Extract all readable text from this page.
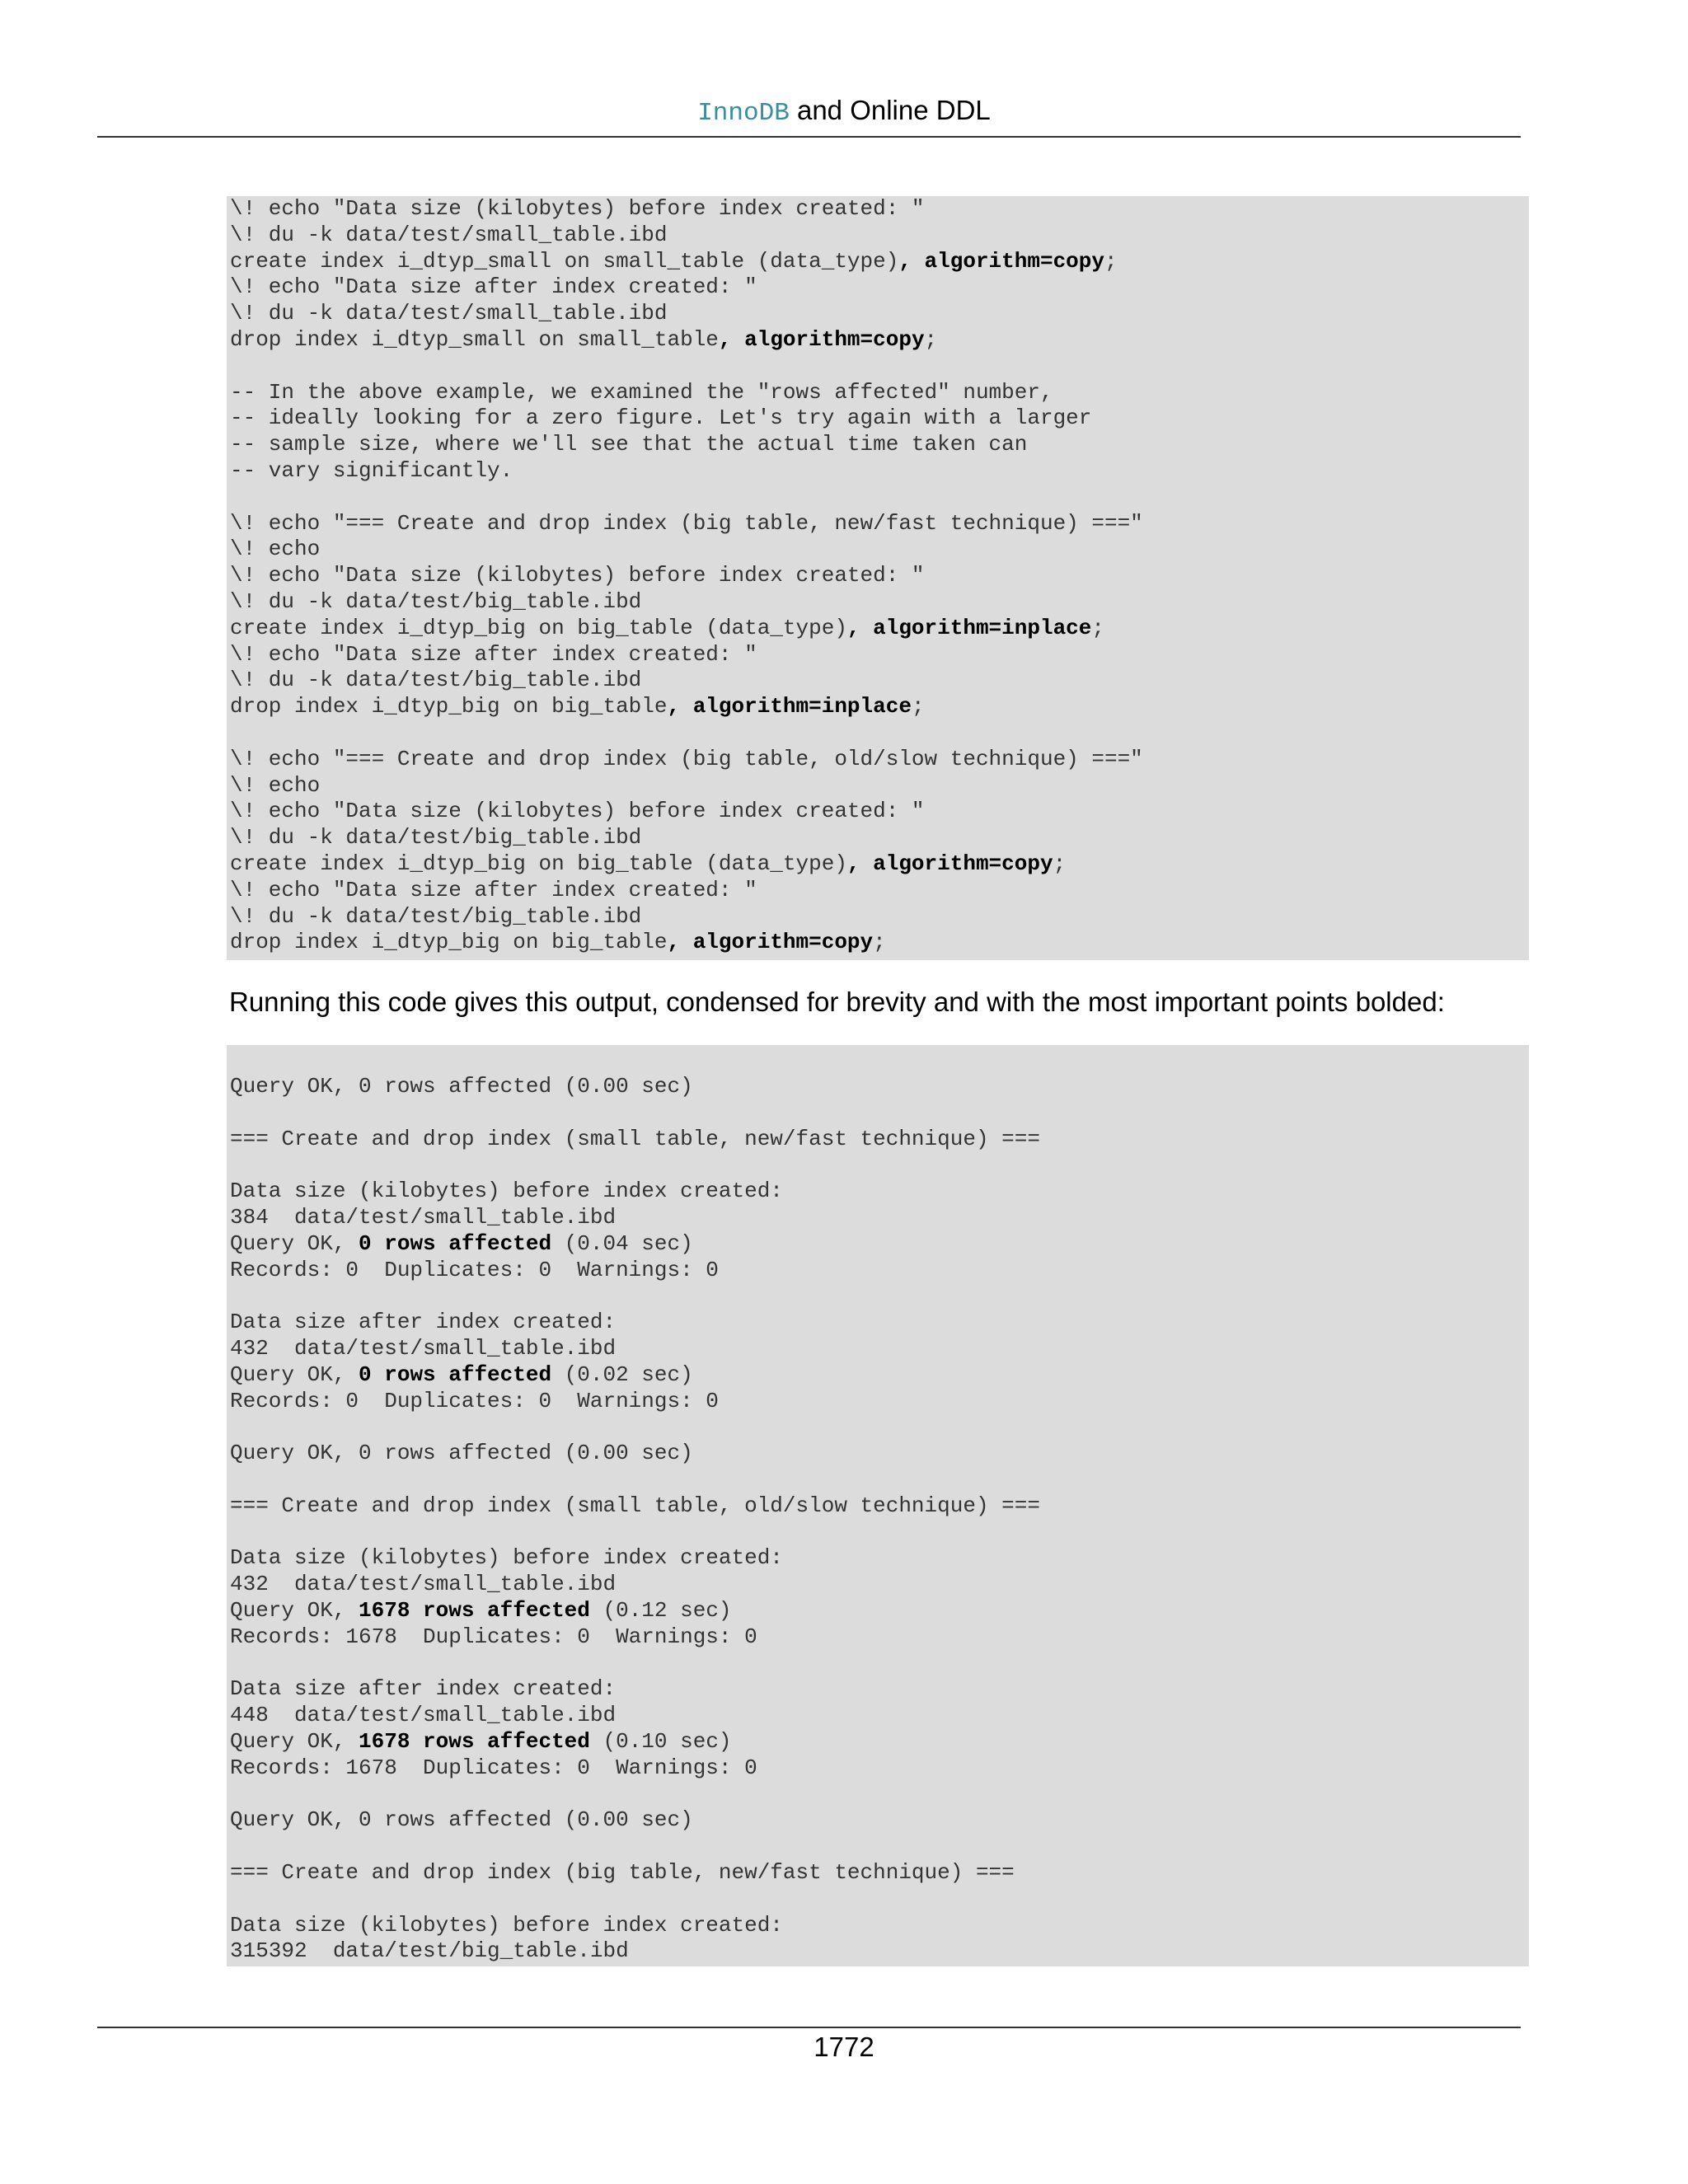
InnoDB and Online DDL
\! echo "Data size (kilobytes) before index created: "
\! du -k data/test/small_table.ibd
create index i_dtyp_small on small_table (data_type), algorithm=copy;
\! echo "Data size after index created: "
\! du -k data/test/small_table.ibd
drop index i_dtyp_small on small_table, algorithm=copy;
-- In the above example, we examined the "rows affected" number,
-- ideally looking for a zero figure. Let's try again with a larger
-- sample size, where we'll see that the actual time taken can
-- vary significantly.
\! echo "=== Create and drop index (big table, new/fast technique) ==="
\! echo
\! echo "Data size (kilobytes) before index created: "
\! du -k data/test/big_table.ibd
create index i_dtyp_big on big_table (data_type), algorithm=inplace;
\! echo "Data size after index created: "
\! du -k data/test/big_table.ibd
drop index i_dtyp_big on big_table, algorithm=inplace;
\! echo "=== Create and drop index (big table, old/slow technique) ==="
\! echo
\! echo "Data size (kilobytes) before index created: "
\! du -k data/test/big_table.ibd
create index i_dtyp_big on big_table (data_type), algorithm=copy;
\! echo "Data size after index created: "
\! du -k data/test/big_table.ibd
drop index i_dtyp_big on big_table, algorithm=copy;
Running this code gives this output, condensed for brevity and with the most important points bolded:
Query OK, 0 rows affected (0.00 sec)
=== Create and drop index (small table, new/fast technique) ===
Data size (kilobytes) before index created:
384  data/test/small_table.ibd
Query OK, 0 rows affected (0.04 sec)
Records: 0  Duplicates: 0  Warnings: 0
Data size after index created:
432  data/test/small_table.ibd
Query OK, 0 rows affected (0.02 sec)
Records: 0  Duplicates: 0  Warnings: 0
Query OK, 0 rows affected (0.00 sec)
=== Create and drop index (small table, old/slow technique) ===
Data size (kilobytes) before index created:
432  data/test/small_table.ibd
Query OK, 1678 rows affected (0.12 sec)
Records: 1678  Duplicates: 0  Warnings: 0
Data size after index created:
448  data/test/small_table.ibd
Query OK, 1678 rows affected (0.10 sec)
Records: 1678  Duplicates: 0  Warnings: 0
Query OK, 0 rows affected (0.00 sec)
=== Create and drop index (big table, new/fast technique) ===
Data size (kilobytes) before index created:
315392  data/test/big_table.ibd
1772
